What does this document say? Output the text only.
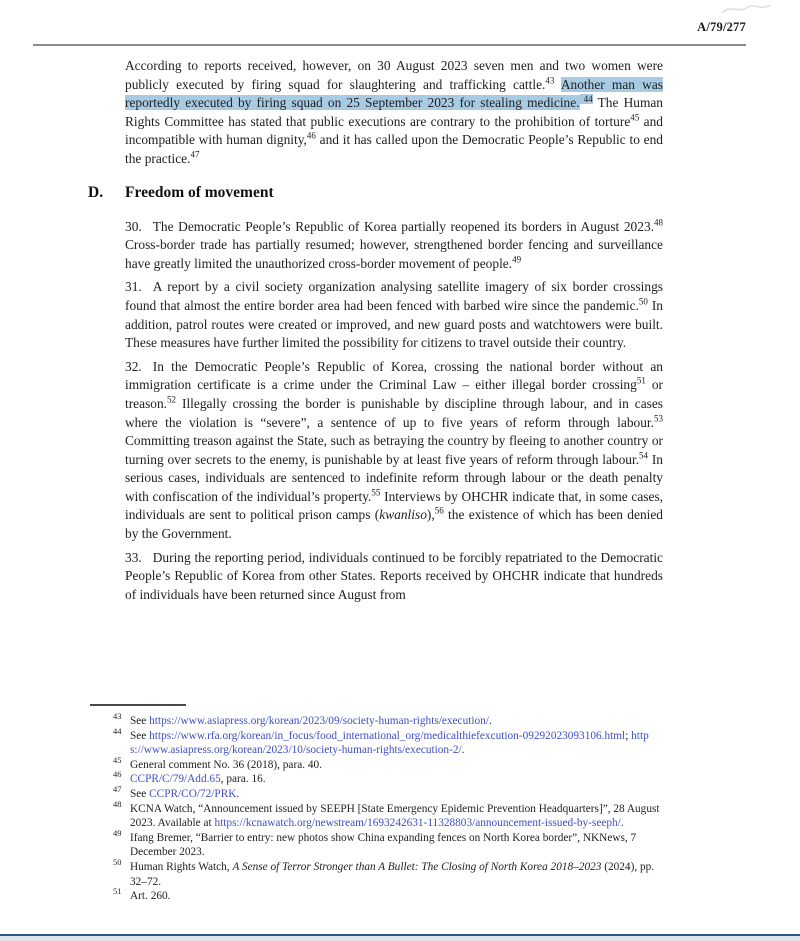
A/79/277

According to reports received, however, on 30 August 2023 seven men and two women were publicly executed by firing squad for slaughtering and trafficking cattle.$^{43}$ Another man was reportedly executed by firing squad on 25 September 2023 for stealing medicine. $^{44}$ The Human Rights Committee has stated that public executions are contrary to the prohibition of torture$^{45}$ and incompatible with human dignity,$^{46}$ and it has called upon the Democratic People’s Republic to end the practice.$^{47}$

D.	Freedom of movement

30. The Democratic People’s Republic of Korea partially reopened its borders in August 2023.48 Cross-border trade has partially resumed; however, strengthened border fencing and surveillance have greatly limited the unauthorized cross-border movement of people.$^{49}$

31. A report by a civil society organization analysing satellite imagery of six border crossings found that almost the entire border area had been fenced with barbed wire since the pandemic.$^{50}$ In addition, patrol routes were created or improved, and new guard posts and watchtowers were built. These measures have further limited the possibility for citizens to travel outside their country.

32. In the Democratic People’s Republic of Korea, crossing the national border without an immigration certificate is a crime under the Criminal Law – either illegal border crossing$^{51}$ or treason.$^{52}$ Illegally crossing the border is punishable by discipline through labour, and in cases where the violation is “severe”, a sentence of up to five years of reform through labour.$^{53}$ Committing treason against the State, such as betraying the country by fleeing to another country or turning over secrets to the enemy, is punishable by at least five years of reform through labour.$^{54}$ In serious cases, individuals are sentenced to indefinite reform through labour or the death penalty with confiscation of the individual’s property.$^{55}$ Interviews by OHCHR indicate that, in some cases, individuals are sent to political prison camps (kwanliso),$^{56}$ the existence of which has been denied by the Government.

33. During the reporting period, individuals continued to be forcibly repatriated to the Democratic People’s Republic of Korea from other States. Reports received by OHCHR indicate that hundreds of individuals have been returned since August from

43 See https://www.asiapress.org/korean/2023/09/society-human-rights/execution/.
44 See https://www.rfa.org/korean/in_focus/food_international_org/medicalthiefexcution-09292023093106.html; https://www.asiapress.org/korean/2023/10/society-human-rights/execution-2/.
45 General comment No. 36 (2018), para. 40.
46 CCPR/C/79/Add.65, para. 16.
47 See CCPR/CO/72/PRK.
48 KCNA Watch, “Announcement issued by SEEPH [State Emergency Epidemic Prevention Headquarters]”, 28 August 2023. Available at https://kcnawatch.org/newstream/1693242631-11328803/announcement-issued-by-seeph/.
49 Ifang Bremer, “Barrier to entry: new photos show China expanding fences on North Korea border”, NKNews, 7 December 2023.
50 Human Rights Watch, A Sense of Terror Stronger than A Bullet: The Closing of North Korea 2018–2023 (2024), pp. 32–72.
51 Art. 260.
